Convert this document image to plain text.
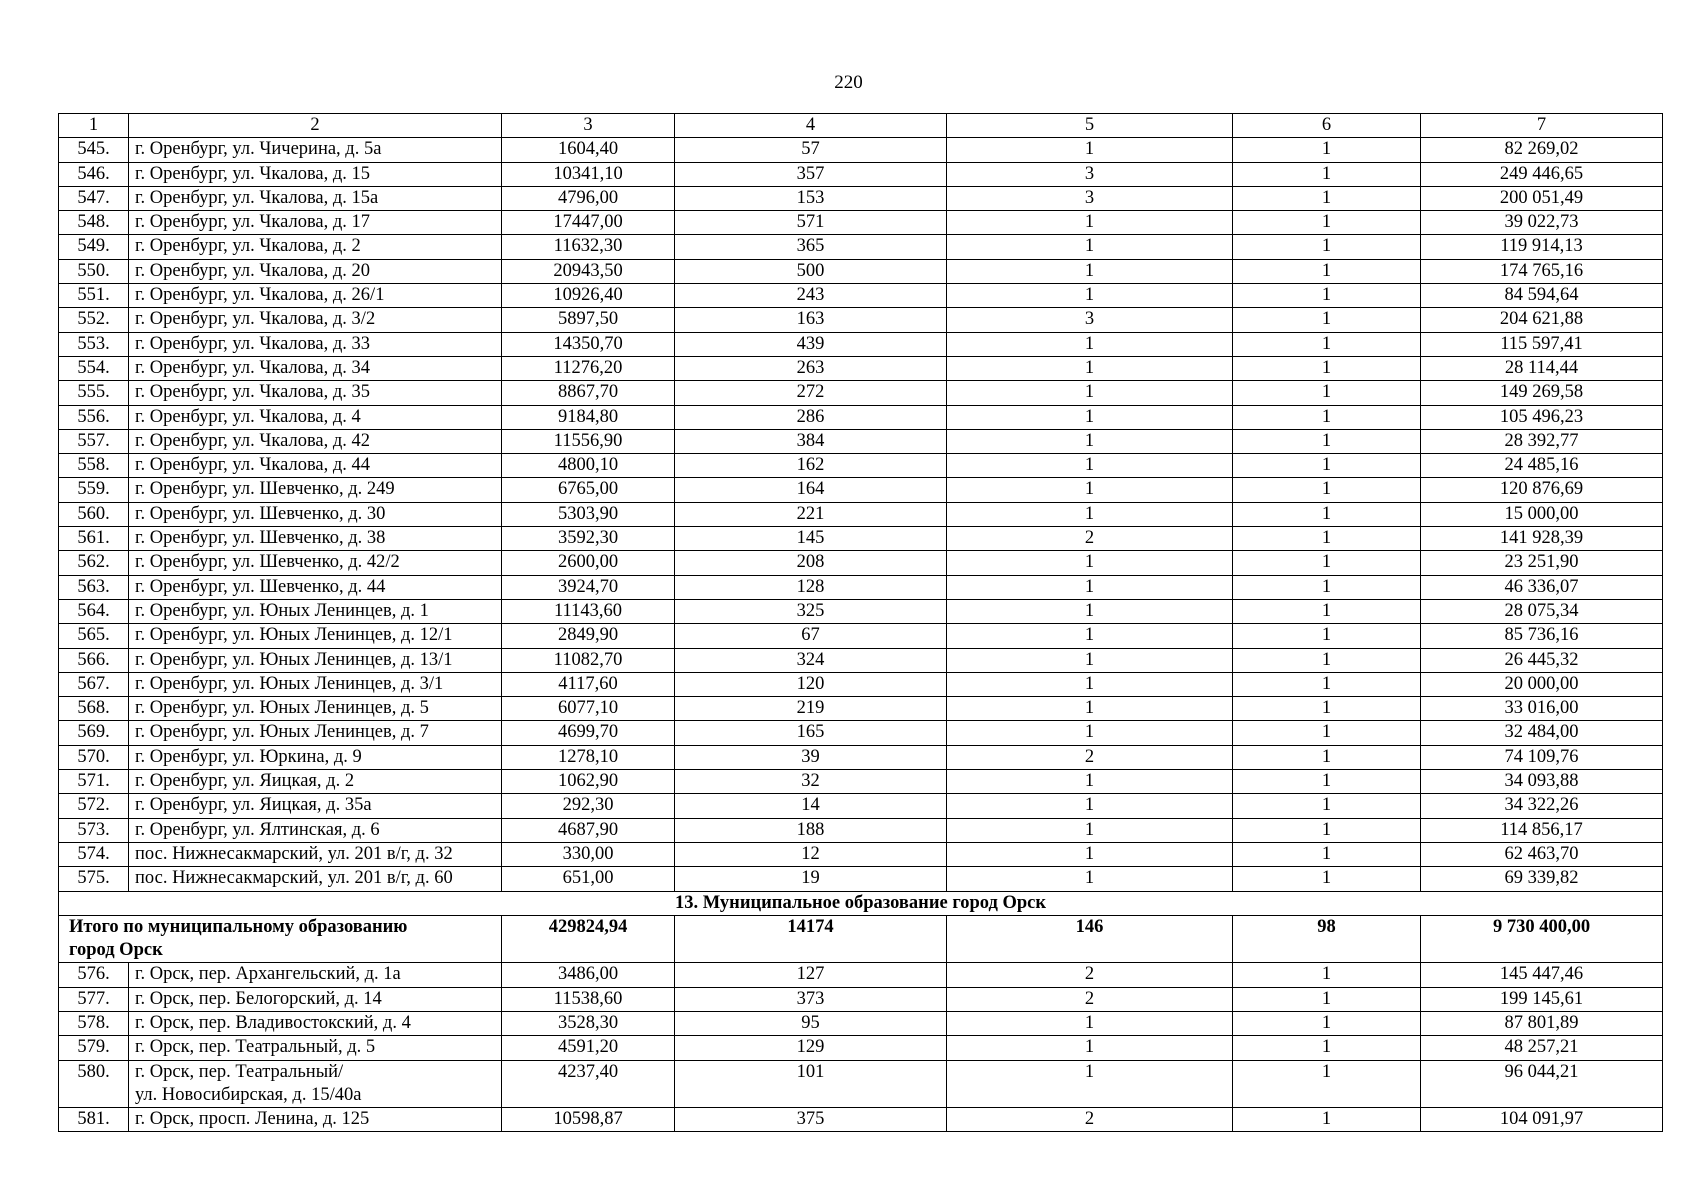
220
1	2	3	4	5	6	7
545.	г. Оренбург, ул. Чичерина, д. 5а	1604,40	57	1	1	82 269,02
546.	г. Оренбург, ул. Чкалова, д. 15	10341,10	357	3	1	249 446,65
547.	г. Оренбург, ул. Чкалова, д. 15а	4796,00	153	3	1	200 051,49
548.	г. Оренбург, ул. Чкалова, д. 17	17447,00	571	1	1	39 022,73
549.	г. Оренбург, ул. Чкалова, д. 2	11632,30	365	1	1	119 914,13
550.	г. Оренбург, ул. Чкалова, д. 20	20943,50	500	1	1	174 765,16
551.	г. Оренбург, ул. Чкалова, д. 26/1	10926,40	243	1	1	84 594,64
552.	г. Оренбург, ул. Чкалова, д. 3/2	5897,50	163	3	1	204 621,88
553.	г. Оренбург, ул. Чкалова, д. 33	14350,70	439	1	1	115 597,41
554.	г. Оренбург, ул. Чкалова, д. 34	11276,20	263	1	1	28 114,44
555.	г. Оренбург, ул. Чкалова, д. 35	8867,70	272	1	1	149 269,58
556.	г. Оренбург, ул. Чкалова, д. 4	9184,80	286	1	1	105 496,23
557.	г. Оренбург, ул. Чкалова, д. 42	11556,90	384	1	1	28 392,77
558.	г. Оренбург, ул. Чкалова, д. 44	4800,10	162	1	1	24 485,16
559.	г. Оренбург, ул. Шевченко, д. 249	6765,00	164	1	1	120 876,69
560.	г. Оренбург, ул. Шевченко, д. 30	5303,90	221	1	1	15 000,00
561.	г. Оренбург, ул. Шевченко, д. 38	3592,30	145	2	1	141 928,39
562.	г. Оренбург, ул. Шевченко, д. 42/2	2600,00	208	1	1	23 251,90
563.	г. Оренбург, ул. Шевченко, д. 44	3924,70	128	1	1	46 336,07
564.	г. Оренбург, ул. Юных Ленинцев, д. 1	11143,60	325	1	1	28 075,34
565.	г. Оренбург, ул. Юных Ленинцев, д. 12/1	2849,90	67	1	1	85 736,16
566.	г. Оренбург, ул. Юных Ленинцев, д. 13/1	11082,70	324	1	1	26 445,32
567.	г. Оренбург, ул. Юных Ленинцев, д. 3/1	4117,60	120	1	1	20 000,00
568.	г. Оренбург, ул. Юных Ленинцев, д. 5	6077,10	219	1	1	33 016,00
569.	г. Оренбург, ул. Юных Ленинцев, д. 7	4699,70	165	1	1	32 484,00
570.	г. Оренбург, ул. Юркина, д. 9	1278,10	39	2	1	74 109,76
571.	г. Оренбург, ул. Яицкая, д. 2	1062,90	32	1	1	34 093,88
572.	г. Оренбург, ул. Яицкая, д. 35а	292,30	14	1	1	34 322,26
573.	г. Оренбург, ул. Ялтинская, д. 6	4687,90	188	1	1	114 856,17
574.	пос. Нижнесакмарский, ул. 201 в/г, д. 32	330,00	12	1	1	62 463,70
575.	пос. Нижнесакмарский, ул. 201 в/г, д. 60	651,00	19	1	1	69 339,82
13. Муниципальное образование город Орск						

Итого по муниципальному образованию
город Орск		429824,94	14174	146	98	9 730 400,00
576.	г. Орск, пер. Архангельский, д. 1а	3486,00	127	2	1	145 447,46
577.	г. Орск, пер. Белогорский, д. 14	11538,60	373	2	1	199 145,61
578.	г. Орск, пер. Владивостокский, д. 4	3528,30	95	1	1	87 801,89
579.	г. Орск, пер. Театральный, д. 5	4591,20	129	1	1	48 257,21
580.	г. Орск, пер. Театральный/
ул. Новосибирская, д. 15/40а	4237,40	101	1	1	96 044,21
581.	г. Орск, просп. Ленина, д. 125	10598,87	375	2	1	104 091,97
